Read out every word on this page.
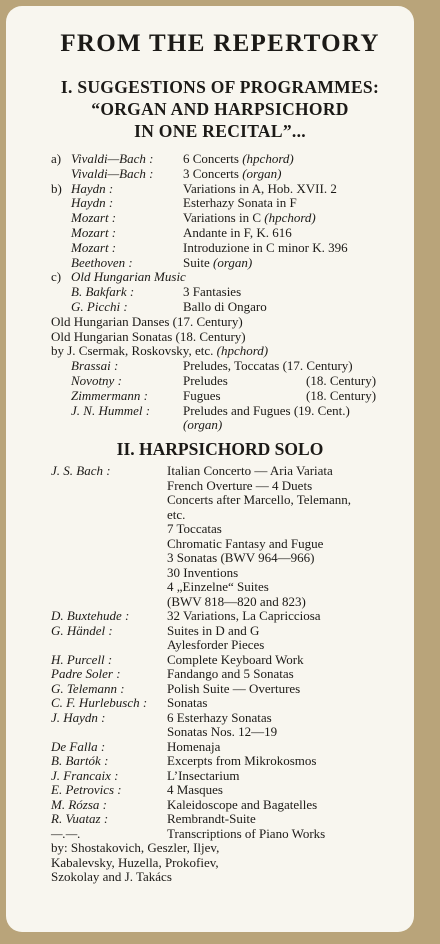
FROM THE REPERTORY
I. SUGGESTIONS OF PROGRAMMES:
“ORGAN AND HARPSICHORD
IN ONE RECITAL”...
a) Vivaldi—Bach : 6 Concerts (hpchord)
Vivaldi—Bach : 3 Concerts (organ)
b) Haydn :	Variations in A, Hob. XVII. 2
Haydn :	Esterhazy Sonata in F
Mozart :	Variations in C (hpchord)
Mozart :	Andante in F, K. 616
Mozart :	Introduzione in C minor K. 396
Beethoven :	Suite (organ)
c) Old Hungarian Music
B. Bakfark :	3 Fantasies
G. Picchi :	Ballo di Ongaro
Old Hungarian Danses (17. Century)
Old Hungarian Sonatas (18. Century)
by J. Csermak, Roskovsky, etc. (hpchord)
Brassai :	Preludes, Toccatas (17. Century)
Novotny :	Preludes	(18. Century)
Zimmermann :	Fugues	(18. Century)
J. N. Hummel :	Preludes and Fugues (19. Cent.)
(organ)
II. HARPSICHORD SOLO
J. S. Bach :	Italian Concerto — Aria Variata
French Overture — 4 Duets
Concerts after Marcello, Telemann,
etc.
7 Toccatas
Chromatic Fantasy and Fugue
3 Sonatas (BWV 964—966)
30 Inventions
4 „Einzelne“ Suites
(BWV 818—820 and 823)
D. Buxtehude :	32 Variations, La Capricciosa
G. Händel :	Suites in D and G
Aylesforder Pieces
H. Purcell :	Complete Keyboard Work
Padre Soler :	Fandango and 5 Sonatas
G. Telemann :	Polish Suite — Overtures
C. F. Hurlebusch : Sonatas
J. Haydn :	6 Esterhazy Sonatas
Sonatas Nos. 12—19
De Falla :	Homenaja
B. Bartók :	Excerpts from Mikrokosmos
J. Francaix :	L’Insectarium
E. Petrovics :	4 Masques
M. Rózsa :	Kaleidoscope and Bagatelles
R. Vuataz :	Rembrandt-Suite
—.—.	Transcriptions of Piano Works
by: Shostakovich, Geszler, Iljev,
Kabalevsky, Huzella, Prokofiev,
Szokolay and J. Takács
